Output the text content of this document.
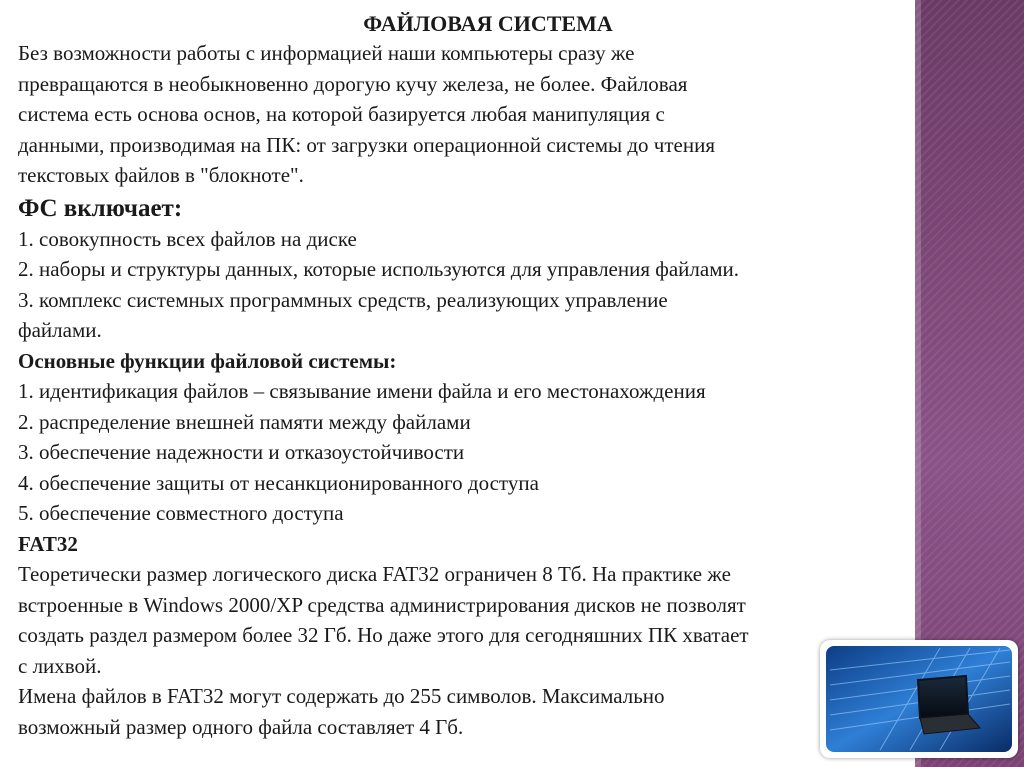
ФАЙЛОВАЯ СИСТЕМА

Без возможности работы с информацией наши компьютеры сразу же

превращаются в необыкновенно дорогую кучу железа, не более. Файловая

система есть основа основ, на которой базируется любая манипуляция с

данными, производимая на ПК: от загрузки операционной системы до чтения

текстовых файлов в "блокноте".

ФС включает:
1. совокупность всех файлов на диске
2. наборы и структуры данных, которые используются для управления файлами.
3. комплекс системных программных средств, реализующих управление
файлами.
Основные функции файловой системы:
1. идентификация файлов – связывание имени файла и его местонахождения
2. распределение внешней памяти между файлами
3. обеспечение надежности и отказоустойчивости
4. обеспечение защиты от несанкционированного доступа
5. обеспечение совместного доступа
FAT32

Теоретически размер логического диска FAT32 ограничен 8 Тб. На практике же

встроенные в Windows 2000/XP средства администрирования дисков не позволят

создать раздел размером более 32 Гб. Но даже этого для сегодняшних ПК хватает

с лихвой.

Имена файлов в FAT32 могут содержать до 255 символов. Максимально

возможный размер одного файла составляет 4 Гб.
